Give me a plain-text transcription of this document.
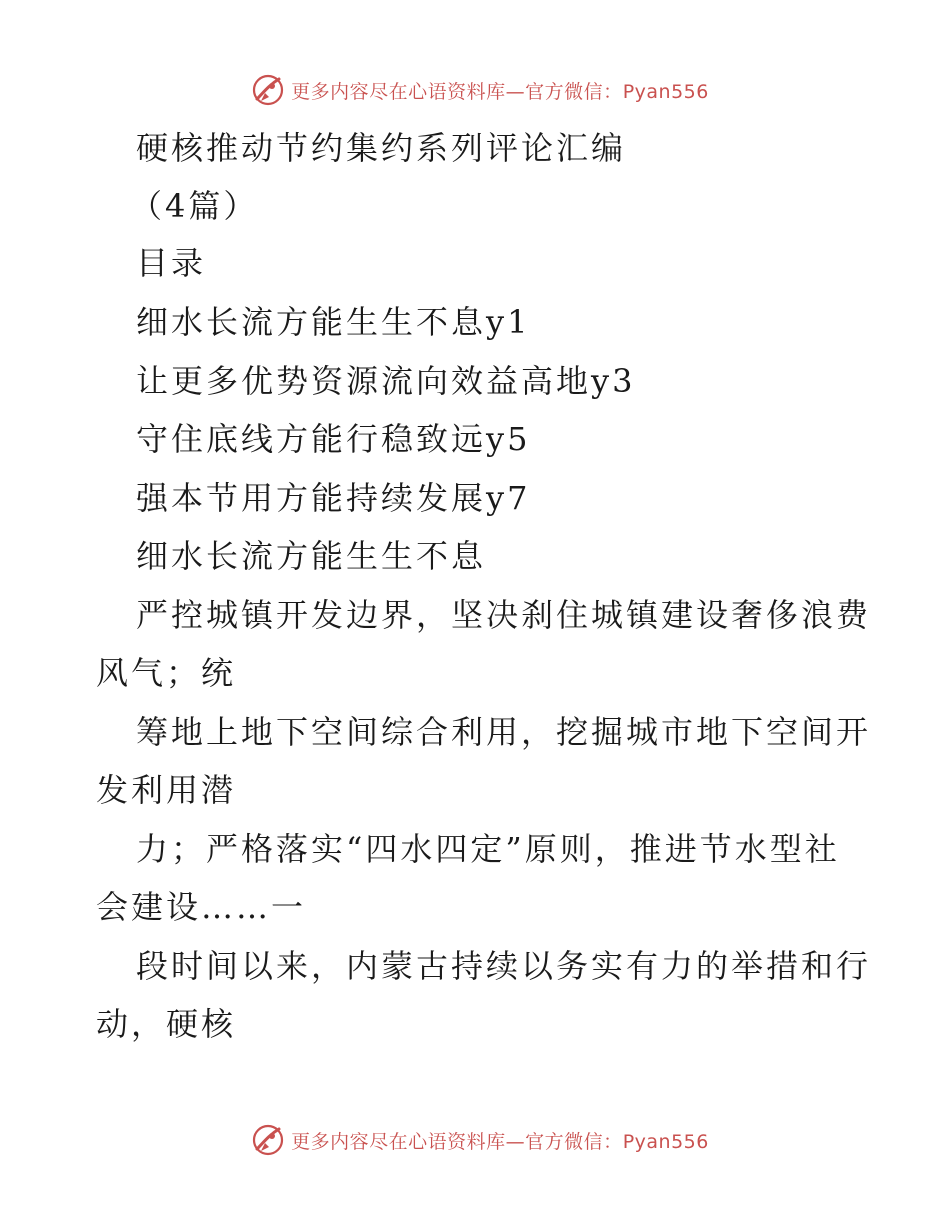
更多内容尽在心语资料库—官方微信：Pyan556
硬核推动节约集约系列评论汇编
（4篇）
目录
细水长流方能生生不息y1
让更多优势资源流向效益高地y3
守住底线方能行稳致远y5
强本节用方能持续发展y7
细水长流方能生生不息
严控城镇开发边界，坚决刹住城镇建设奢侈浪费
风气；统
筹地上地下空间综合利用，挖掘城市地下空间开
发利用潜
力；严格落实“四水四定”原则，推进节水型社
会建设……一
段时间以来，内蒙古持续以务实有力的举措和行
动，硬核
更多内容尽在心语资料库—官方微信：Pyan556
